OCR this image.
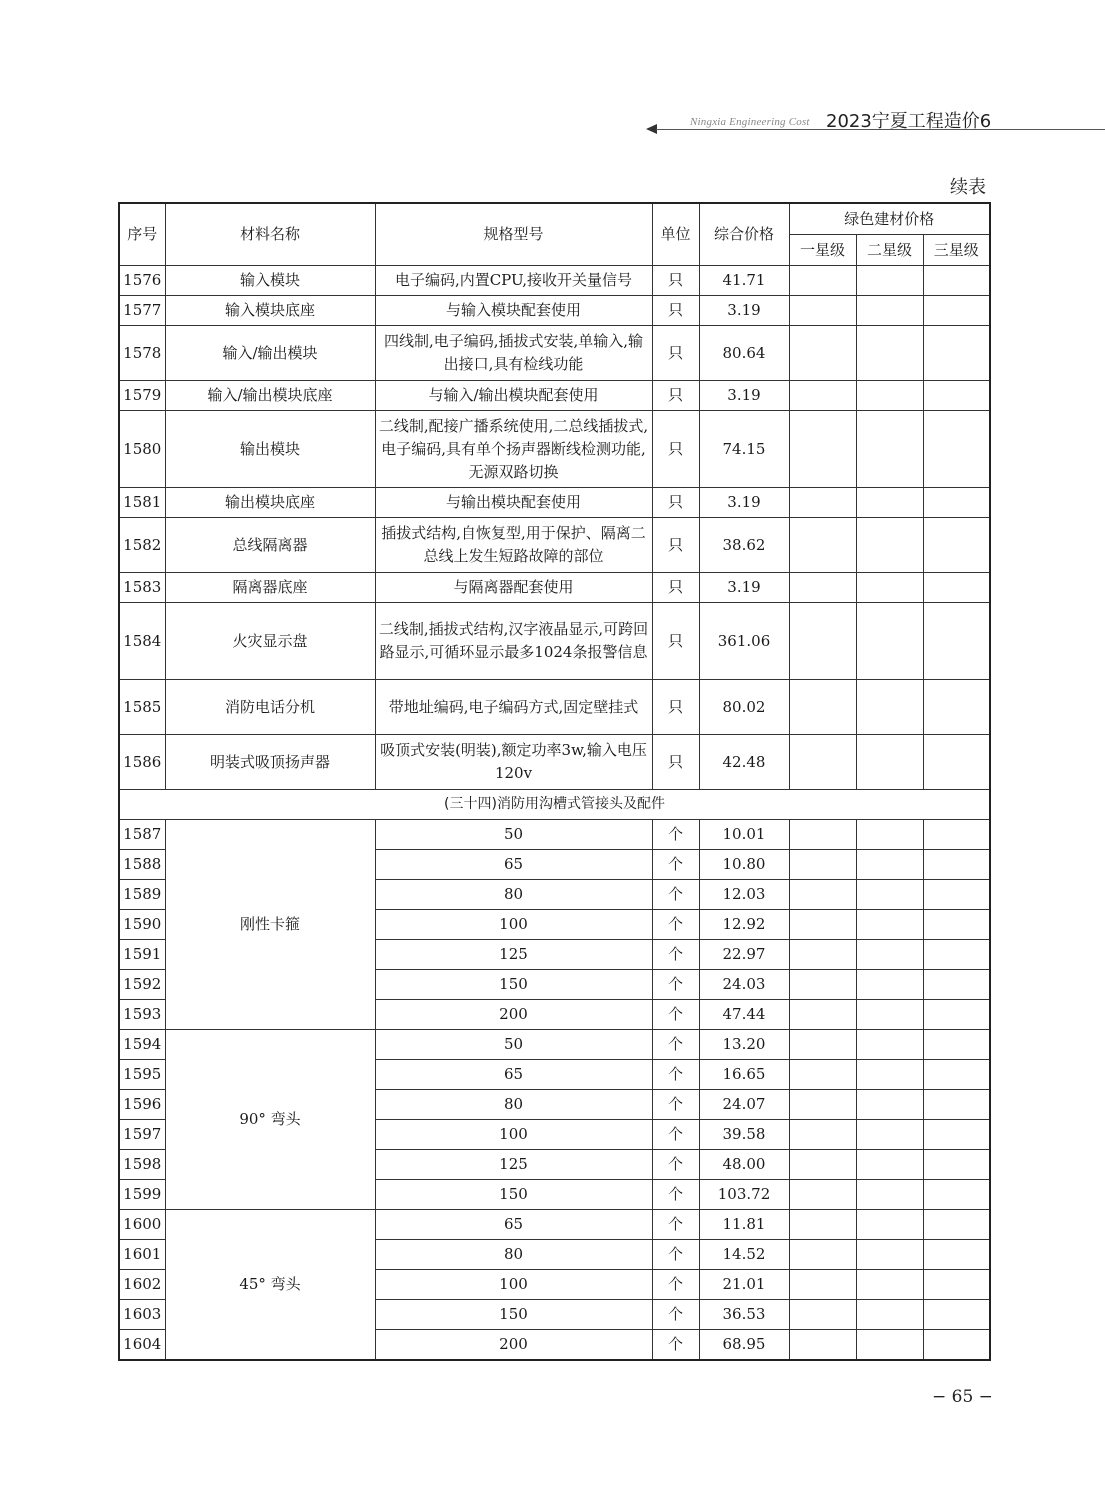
Ningxia Engineering Cost 2023宁夏工程造价6
续表
序号	材料名称	规格型号	单位	综合价格	绿色建材价格		
					一星级	二星级	三星级
1576	输入模块	电子编码,内置CPU,接收开关量信号	只	41.71			
1577	输入模块底座	与输入模块配套使用	只	3.19			
1578	输入/输出模块	四线制,电子编码,插拔式安装,单输入,输出接口,具有检线功能	只	80.64			
1579	输入/输出模块底座	与输入/输出模块配套使用	只	3.19			
1580	输出模块	二线制,配接广播系统使用,二总线插拔式,电子编码,具有单个扬声器断线检测功能,无源双路切换	只	74.15			
1581	输出模块底座	与输出模块配套使用	只	3.19			
1582	总线隔离器	插拔式结构,自恢复型,用于保护、隔离二总线上发生短路故障的部位	只	38.62			
1583	隔离器底座	与隔离器配套使用	只	3.19			
1584	火灾显示盘	二线制,插拔式结构,汉字液晶显示,可跨回路显示,可循环显示最多1024条报警信息	只	361.06			
1585	消防电话分机	带地址编码,电子编码方式,固定壁挂式	只	80.02			
1586	明装式吸顶扬声器	吸顶式安装(明装),额定功率3w,输入电压120v	只	42.48			
(三十四)消防用沟槽式管接头及配件							
1587	刚性卡箍	50	个	10.01			
1588		65	个	10.80			
1589		80	个	12.03			
1590		100	个	12.92			
1591		125	个	22.97			
1592		150	个	24.03			
1593		200	个	47.44			
1594	90° 弯头	50	个	13.20			
1595		65	个	16.65			
1596		80	个	24.07			
1597		100	个	39.58			
1598		125	个	48.00			
1599		150	个	103.72			
1600	45° 弯头	65	个	11.81			
1601		80	个	14.52			
1602		100	个	21.01			
1603		150	个	36.53			
1604		200	个	68.95			
− 65 −
